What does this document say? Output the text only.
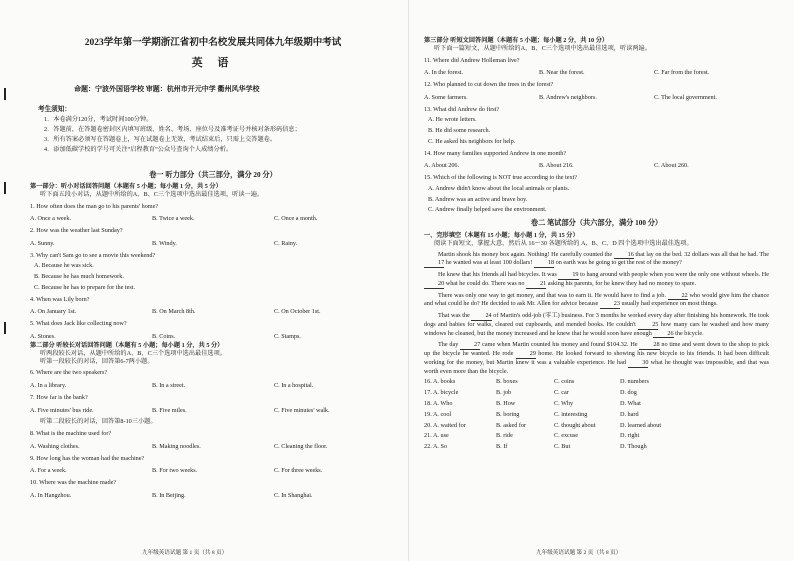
2023学年第一学期浙江省初中名校发展共同体九年级期中考试
英 语
命题：宁波外国语学校 审题：杭州市开元中学 衢州风华学校
考生须知：
1．本卷满分120分，考试时间100分钟。
2．答题前，在答题卷密封区内填写班级、姓名、考场、座位号及准考证号并核对条形码信息；
3．所有答案必须写在答题卷上，写在试题卷上无效，考试结束后，只需上交答题卷。
4．添加低碳学校的学号可关注“启程教育”公众号查询个人成绩分析。
卷一 听力部分（共三部分，满分 20 分）
第一部分：听小对话回答问题（本题有 5 小题；每小题 1 分，共 5 分）
听下面五段小对话，从题中所给的A、B、C三个选项中选出最佳选项，听读一遍。
1. How often does the man go to his parents' home?
A. Once a week.	B. Twice a week.	C. Once a month.
2. How was the weather last Sunday?
A. Sunny.	B. Windy.	C. Rainy.
3. Why can't Sam go to see a movie this weekend?
A. Because he was sick.
B. Because he has much homework.
C. Because he has to prepare for the test.
4. When was Lily born?
A. On January 1st.	B. On March 8th.	C. On October 1st.
5. What does Jack like collecting now?
A. Stones.	B. Coins.	C. Stamps.
第二部分 听较长对话回答问题（本题有 5 小题；每小题 1 分，共 5 分）
听两段较长对话，从题中所给的A、B、C三个选项中选出最佳选项。
听第一段较长的对话，回答第6-7两小题。
6. Where are the two speakers?
A. In a library.	B. In a street.	C. In a hospital.
7. How far is the bank?
A. Five minutes' bus ride.	B. Five miles.	C. Five minutes' walk.
听第二段较长的对话，回答第8-10三小题。
8. What is the machine used for?
A. Washing clothes.	B. Making noodles.	C. Cleaning the floor.
9. How long has the woman had the machine?
A. For a week.	B. For two weeks.	C. For three weeks.
10. Where was the machine made?
A. In Hangzhou.	B. In Beijing.	C. In Shanghai.
九年级英语试题 第 1 页（共 8 页）
第三部分 听短文回答问题（本题有 5 小题；每小题 2 分，共 10 分）
听下面一篇短文，从题中所给的A、B、C三个选项中选出最佳选项，听读两遍。
11. Where did Andrew Holleman live?
A. In the forest.	B. Near the forest.	C. Far from the forest.
12. Who planned to cut down the trees in the forest?
A. Some farmers.	B. Andrew's neighbors.	C. The local government.
13. What did Andrew do first?
A. He wrote letters.
B. He did some research.
C. He asked his neighbors for help.
14. How many families supported Andrew in one month?
A. About 206.	B. About 216.	C. About 260.
15. Which of the following is NOT true according to the text?
A. Andrew didn't know about the local animals or plants.
B. Andrew was an active and brave boy.
C. Andrew finally helped save the environment.
卷二 笔试部分（共六部分，满分 100 分）
一、完形填空（本题有 15 小题；每小题 1 分，共 15 分）
阅读下面短文，掌握大意，然后从 16～30 各题所给的 A、B、C、D 四个选项中选出最佳选项。

Martin shook his money box again. Nothing! He carefully counted the 16 that lay on the bed. 32 dollars was all that he had. The 17 he wanted was at least 100 dollars! 18 on earth was he going to get the rest of the money?

He knew that his friends all had bicycles. It was 19 to hang around with people when you were the only one without wheels. He 20 what he could do. There was no 21 asking his parents, for he knew they had no money to spare.

There was only one way to get money, and that was to earn it. He would have to find a job. 22 who would give him the chance and what could he do? He decided to ask Mr. Allen for advice because 23 usually had experience on most things.

That was the 24 of Martin's odd-job (零工) business. For 3 months he worked every day after finishing his homework. He took dogs and babies for walks, cleared out cupboards, and mended books. He couldn't 25 how many cars he washed and how many windows he cleaned, but the money increased and he knew that he would soon have enough 26 the bicycle.

The day 27 came when Martin counted his money and found $104.32. He 28 no time and went down to the shop to pick up the bicycle he wanted. He rode 29 home. He looked forward to showing his new bicycle to his friends. It had been difficult working for the money, but Martin knew it was a valuable experience. He had 30 what he thought was impossible, and that was worth even more than the bicycle.

16. A. books	B. boxes	C. coins	D. numbers
17. A. bicycle	B. job	C. car	D. dog
18. A. Who	B. How	C. Why	D. What
19. A. cool	B. boring	C. interesting	D. hard
20. A. waited for	B. asked for	C. thought about	D. learned about
21. A. use	B. ride	C. excuse	D. right
22. A. So	B. If	C. But	D. Though
九年级英语试题 第 2 页（共 8 页）
